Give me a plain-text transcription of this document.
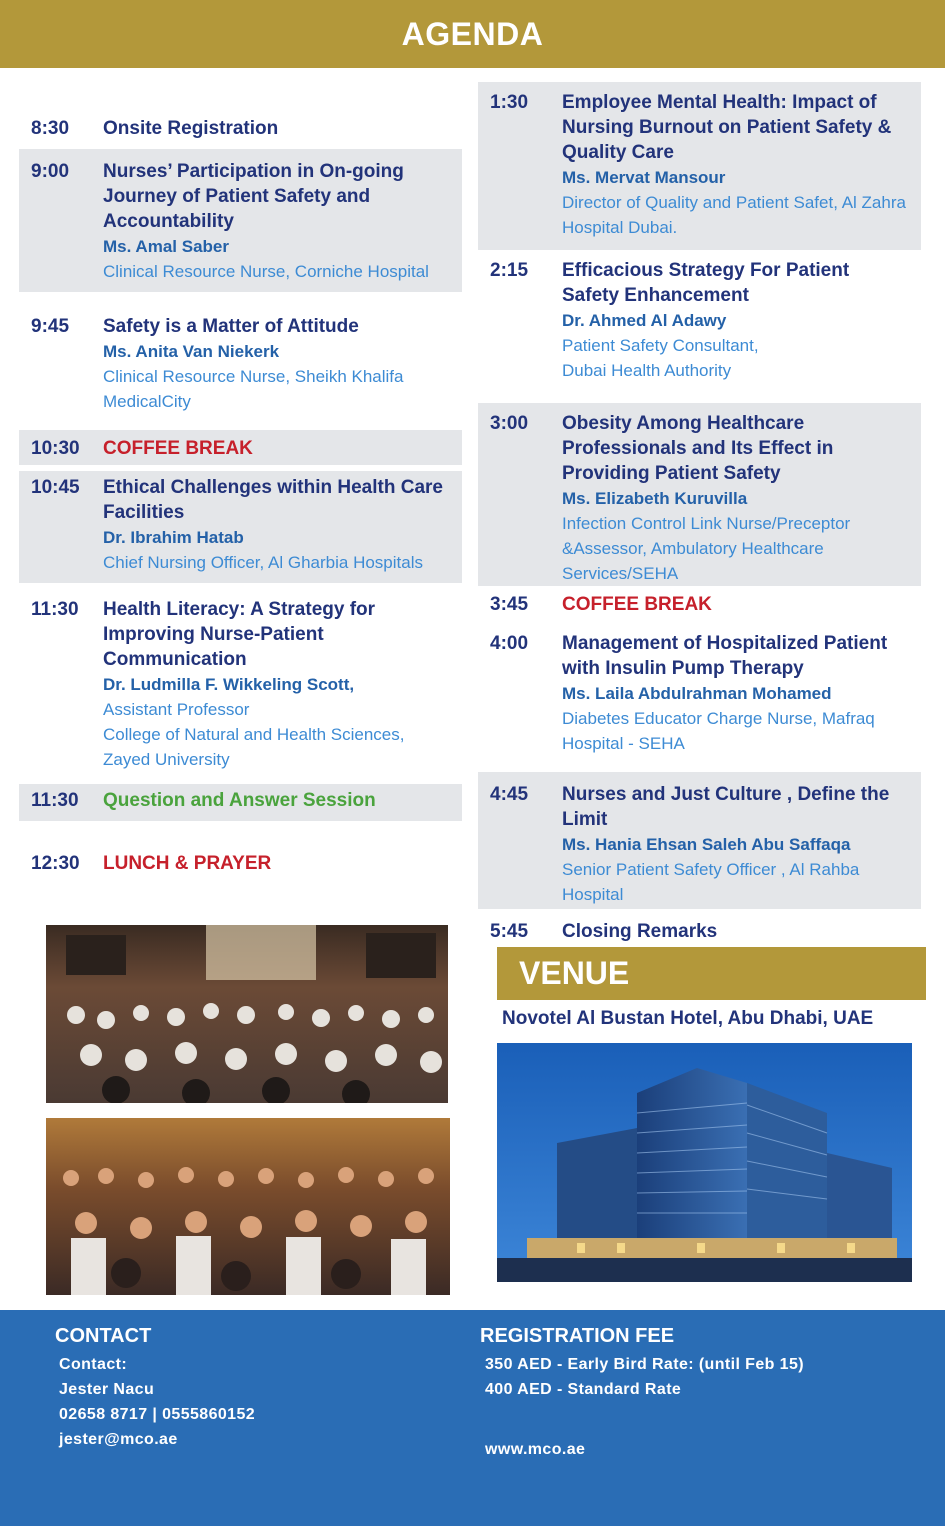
AGENDA
8:30	Onsite Registration
9:00	Nurses’ Participation in On-going Journey of Patient Safety and Accountability
Ms. Amal Saber
Clinical Resource Nurse, Corniche Hospital
9:45	Safety is a Matter of Attitude
Ms. Anita Van Niekerk
Clinical Resource Nurse, Sheikh Khalifa MedicalCity
10:30	COFFEE BREAK
10:45	Ethical Challenges within Health Care Facilities
Dr. Ibrahim Hatab
Chief Nursing Officer, Al Gharbia Hospitals
11:30	Health Literacy: A Strategy for Improving Nurse-Patient Communication
Dr. Ludmilla F. Wikkeling Scott,
Assistant Professor
College of Natural and Health Sciences, Zayed University
11:30	Question and Answer Session
12:30	LUNCH & PRAYER
1:30	Employee Mental Health: Impact of Nursing Burnout on Patient Safety & Quality Care
Ms. Mervat Mansour
Director of Quality and Patient Safet, Al Zahra Hospital Dubai.
2:15	Efficacious Strategy For Patient Safety Enhancement
Dr. Ahmed Al Adawy
Patient Safety Consultant,
Dubai Health Authority
3:00	Obesity Among Healthcare Professionals and Its Effect in Providing Patient Safety
Ms. Elizabeth Kuruvilla
Infection Control Link Nurse/Preceptor &Assessor, Ambulatory Healthcare Services/SEHA
3:45	COFFEE BREAK
4:00	Management of Hospitalized Patient with Insulin Pump Therapy
Ms. Laila Abdulrahman Mohamed
Diabetes Educator Charge Nurse, Mafraq Hospital - SEHA
4:45	Nurses and Just Culture , Define the Limit
Ms. Hania Ehsan Saleh Abu Saffaqa
Senior Patient Safety Officer , Al Rahba Hospital
5:45	Closing Remarks
VENUE
Novotel Al Bustan Hotel, Abu Dhabi, UAE
CONTACT
Contact:
Jester Nacu
02658 8717 | 0555860152
jester@mco.ae
REGISTRATION FEE
350 AED - Early Bird Rate: (until Feb 15)
400 AED - Standard Rate
www.mco.ae
